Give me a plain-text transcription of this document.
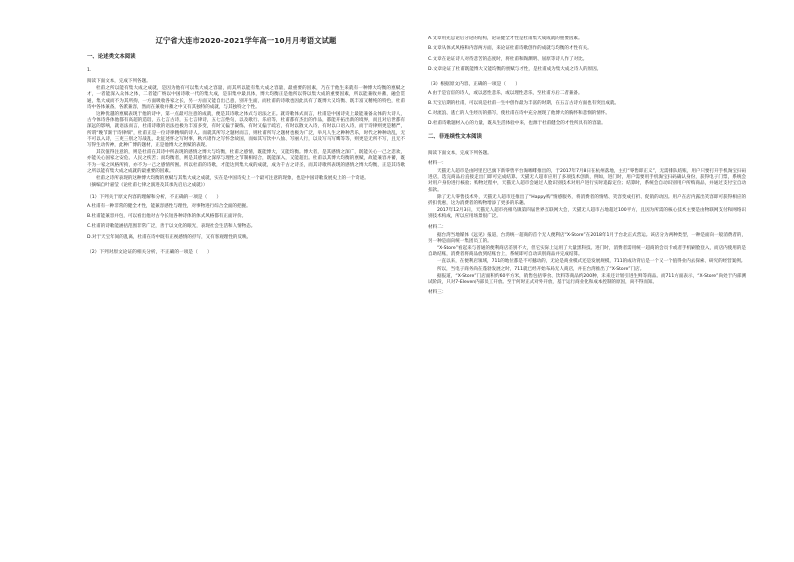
辽宁省大连市2020-2021学年高一10月月考语文试题
一、论述类文本阅读
1.
阅读下面文本，完成下列各题。
杜甫之所以能有集大成之成就，是因为他有可以集大成之容量，而其所以能有集大成之容量，最重要的因素，乃在于他生来就有一种博大均衡的禀赋之才，一者能深入众体之体，二者能广纳以中国诗歌一代的集大成，是旧集中最具体，博大均衡正是他所以得以集大成的重要因素，所以能兼收并蓄，融会贯通，集大成而不为其所拘，一方面吸收各家之长，另一方面又能自出己意，别开生面，而杜甫的诗歌也因此具有了既博大又均衡、既丰富又精纯的特色，杜甫诗中各体兼备，各派兼容，然而在兼收并蓄之中又有其独特的成就，与其独特之个性。
这种优越的禀赋表现于他的诗中，第一点最可注意的成就，便是其诗歌之体式与语法之正。就诗歌体式而言，杜甫是中国诗史上最能兼备众体的大诗人，古今体诗各体他都有高超的造诣，五七言古诗，五七言律诗，五七言绝句，以及歌行、乐府等，杜甫都有杰出的作品，都能开拓出新的境界，而且对后世都有深远的影响，就语法而言，杜甫诗歌的语法也极为丰富多变，有时又偏于凝练，有时又偏于疏宕，有时以散文入诗，有时以口语入诗，而于诗律则更是精严，所谓“晚节渐于诗律细”，杜甫正是一位诗律精细的诗人。而就其所写之题材而言，则杜甫所写之题材也极为广泛，举凡人生之种种苦乐，时代之种种动乱，无不可以入诗，三吏三别之写战乱，北征述怀之写时事，秋兴诸作之写怀念故国，而如其写饮中八仙、写丽人行，以及写马写鹰等等，则更是无所不写，且无不写得生动传神，此种广博的题材，正是他博大之禀赋的表现。
其次值得注意的，则是杜甫在其诗中所表现的感情之博大与均衡，杜甫之感情，既能博大，又能均衡。博大者，是其感情之深广，既能关心一己之悲欢，亦能关心国家之安危、人民之疾苦；而均衡者，则是其感情之深厚与理性之节制相结合，既能深入，又能超出。杜甫以其博大均衡的禀赋，故能兼容并蓄，既不为一家之风格所拘，亦不为一己之感情所囿。所以杜甫的诗歌，才能达到集大成的成就，成为千古之诗圣，而其诗歌所表现的感情之博大均衡，正是其诗歌之所以能有集大成之成就的最重要的因素。
杜甫之诗所表现的这种博大均衡的禀赋与其集大成之成就，实在是中国诗史上一个最可注意的现象，也是中国诗歌发展史上的一个奇迹。
（摘编自叶嘉莹《论杜甫七律之演进及其承先启后之成就》）
（1）下列关于原文内容的理解和分析，不正确的一项是（　　）
A.杜甫有一种非常的健全才性，能兼容感性与理性，对事物进行综合全面的把握。
B.杜甫能兼容并包，可以看出他对古今长短各种诗体的体式风格都有正面评价。
C.杜甫的诗歌能涵括范围非常广泛，善于以文化的眼光，表现社会生活和人情物态。
D.对于天宝年间的乱离，杜甫在诗中既有正视感情的抒写，又有客观理性的反映。
（2）下列对原文论证的相关分析，不正确的一项是（　　）
A.文章用先总论后分论的结构，论证健全才性是杜甫集大成成就的重要因素。
B.文章从体式风格和内容两方面，来论证杜甫诗歌创作的成就与均衡的才性有关。
C.文章在论证诗人对待悲苦的态度时，将杜甫和陶渊明、屈原等诗人作了对比。
D.文章论证了杜甫既能博大又能均衡的禀赋与才性，是杜甫成为集大成之诗人的原因。
（3）根据原文内容，正确的一项是（　　）
A.由于是官宦的诗人，或以恶性悲乐，或以理性悲乐，至杜甫方后二者兼备。
B.天宝后期的杜甫，可以说是杜甫一生中创作最为丰富的时期，在五言古诗方面也有突出成就。
C.对流浪、逃亡的人生经历的描写，使杜甫在诗中充分展现了他博大的胸怀和悲悯的情怀。
D.杜甫诗歌题材入心的力量，既从生活体验中来，也源于杜甫健全的才性所具有的容量。
二、非连续性文本阅读
阅读下面文本，完成下列各题。
材料一：
天猫无人超市是由阿里巴巴旗下新零售平台淘咖啡推出的，于2017年7月8日在杭州落地，主打“零售即正义”，无需排队结账，用户只要打开手机淘宝扫码进店，选完商品后直接走出门即可完成结算。天猫无人超市应用了多项技术创新，例如，进门时，用户需要用手机淘宝扫码确认身份，获得电子门票，系统会对用户身份进行核验；购物过程中，天猫无人超市会通过人脸识别技术对用户进行实时追踪定位；结算时，系统会自动识别用户所购商品，并通过支付宝自动扣款。
除了无人零售技术外，天猫无人超市还推出了“Happy购”情感服务，将消费者的情绪、笑容变成打折、促销的动因。用户在店内露出笑容即可获得相应的折扣优惠，这为消费者的购物增添了更多的乐趣。
2017年12月3日，天猫无人超市亮相乌镇第四届世界互联网大会，天猫无人超市占地超过100平方，且因为所需的核心技术主要是由物联网支付和网络识别技术构成，所以应用场景很广泛。
材料二：
据台湾当地媒体《远见》报道，台湾统一超商的首个无人便利店“X-Store”在2018年1月于台北正式营运。该店分为两种类型，一种是面向一般消费者的，另一种是面向统一集团员工的。
“X-Store”看起来与普通的便利商店差别不大，但它实际上运用了大量黑科技。进门时，消费者需用统一超商的会员卡或者手机刷脸登入，而店内使用的是自助结账，消费者将商品放到结账台上，系统即可自动识别商品并完成结算。
一直以来，在便利店领域，711的地位都是不可撼动的，无论是商业模式还是发展规模，711的成功背后是一个又一个值得业内去探索、研究的经营案例。
所以，当电子商务尚在蓬勃发展之时，711就已经开始布局无人商店，并在台湾推出了“X-Store”门店。
据报道，“X-Store”门店面积约60平方米，销售包括零食、饮料等商品约200种，未来还计划引进生鲜等商品。而711方面表示，“X-Store”尚处于内部测试阶段，只对7-Eleven内部员工开放。至于何时正式对外开放，基于运行商业化和成本控制的原因，尚不得而知。
材料三：
